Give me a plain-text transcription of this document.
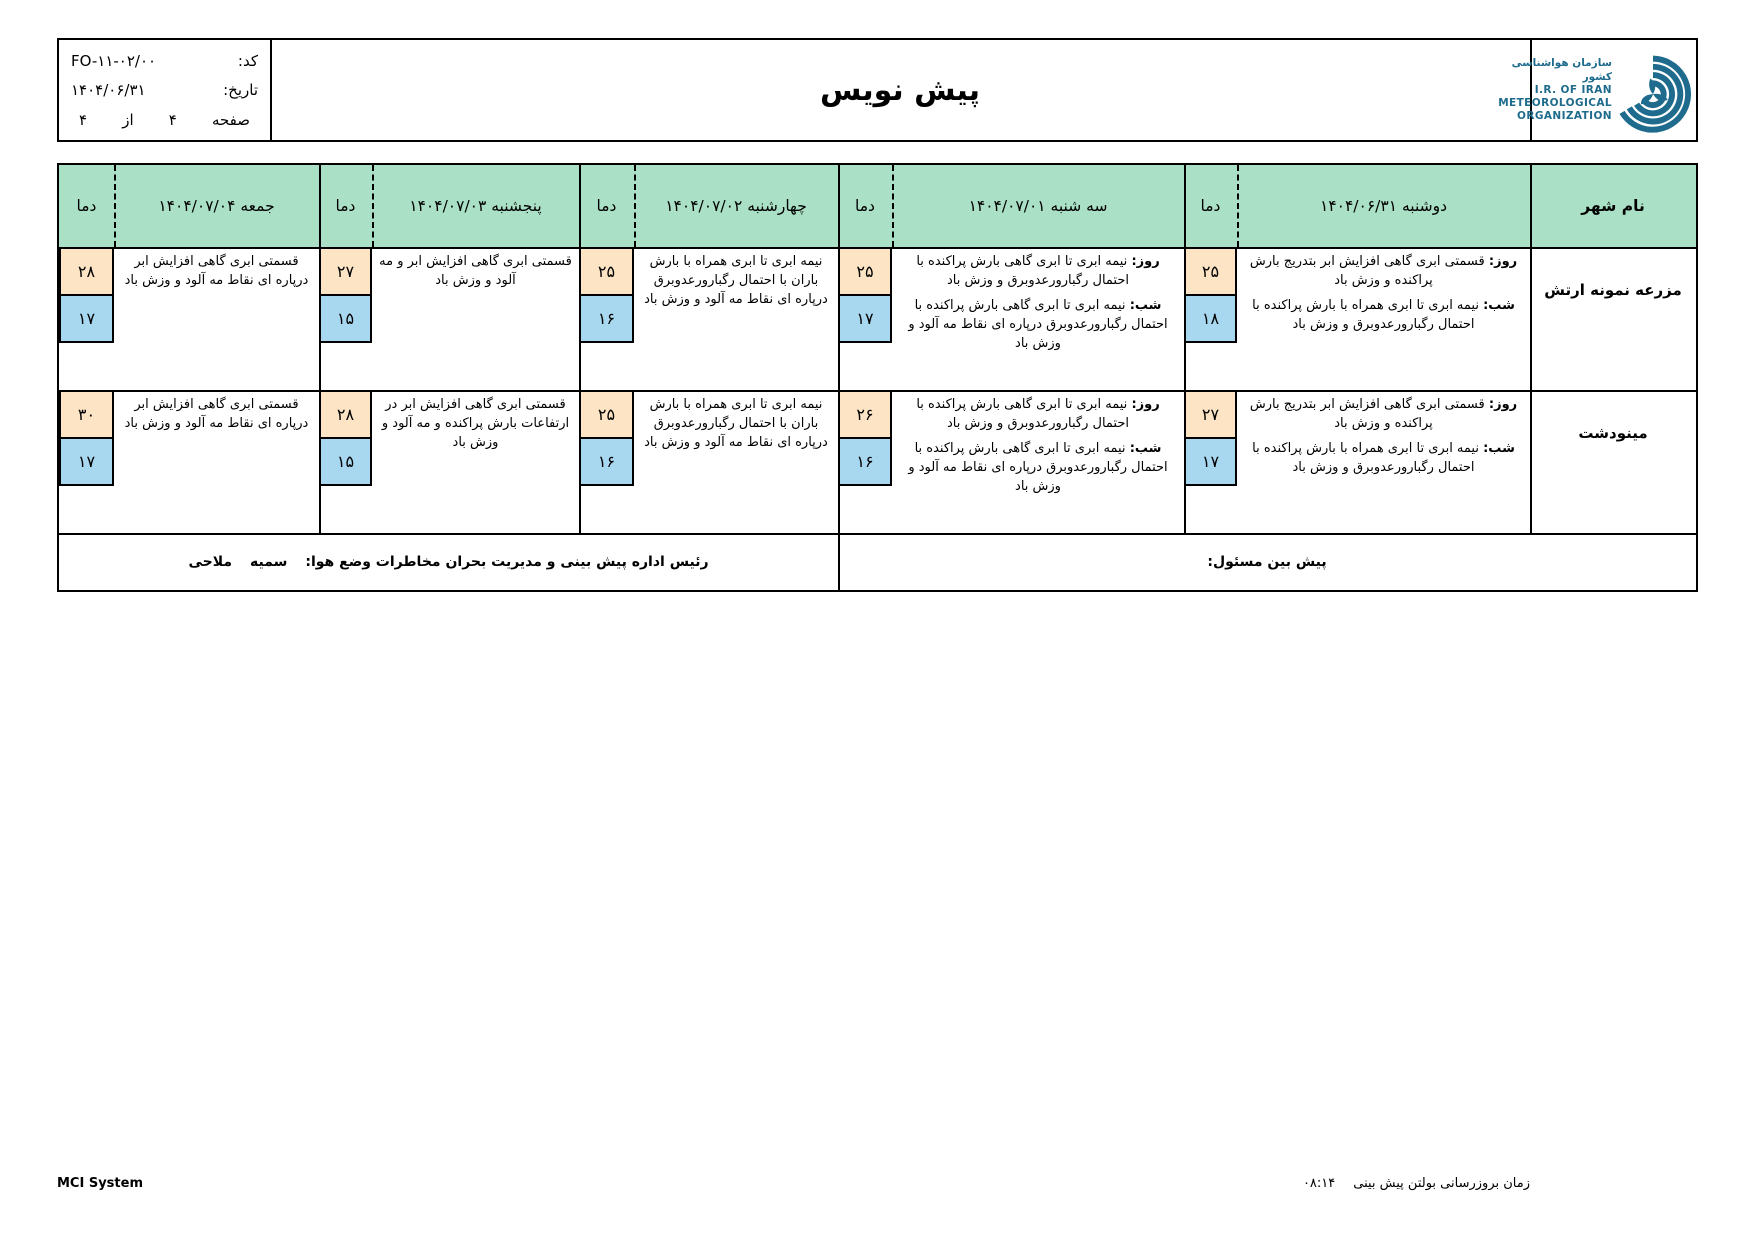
کد:
FO-۱۱-۰۲/۰۰
تاریخ:
۱۴۰۴/۰۶/۳۱
صفحه
۴
از
۴
پیش نویس
سازمان هواشناسی کشور
I.R. OF IRAN
METEOROLOGICAL
ORGANIZATION
نام شهر
دوشنبه ۱۴۰۴/۰۶/۳۱
دما
سه شنبه ۱۴۰۴/۰۷/۰۱
دما
چهارشنبه ۱۴۰۴/۰۷/۰۲
دما
پنجشنبه ۱۴۰۴/۰۷/۰۳
دما
جمعه ۱۴۰۴/۰۷/۰۴
دما
مزرعه نمونه ارتش

روز: قسمتی ابری گاهی افزایش ابر بتدریج بارش پراکنده و وزش باد

شب: نیمه ابری تا ابری همراه با بارش پراکنده با احتمال رگبارورعدوبرق و وزش باد

۲۵
۱۸

روز: نیمه ابری تا ابری گاهی بارش پراکنده با احتمال رگبارورعدوبرق و وزش باد

شب: نیمه ابری تا ابری گاهی بارش پراکنده با احتمال رگبارورعدوبرق درپاره ای نقاط مه آلود و وزش باد

۲۵
۱۷

نیمه ابری تا ابری همراه با بارش باران با احتمال رگبارورعدوبرق درپاره ای نقاط مه آلود و وزش باد

۲۵
۱۶

قسمتی ابری گاهی افزایش ابر و مه آلود و وزش باد

۲۷
۱۵

قسمتی ابری گاهی افزایش ابر درپاره ای نقاط مه آلود و وزش باد

۲۸
۱۷
مینودشت

روز: قسمتی ابری گاهی افزایش ابر بتدریج بارش پراکنده و وزش باد

شب: نیمه ابری تا ابری همراه با بارش پراکنده با احتمال رگبارورعدوبرق و وزش باد

۲۷
۱۷

روز: نیمه ابری تا ابری گاهی بارش پراکنده با احتمال رگبارورعدوبرق و وزش باد

شب: نیمه ابری تا ابری گاهی بارش پراکنده با احتمال رگبارورعدوبرق درپاره ای نقاط مه آلود و وزش باد

۲۶
۱۶

نیمه ابری تا ابری همراه با بارش باران با احتمال رگبارورعدوبرق درپاره ای نقاط مه آلود و وزش باد

۲۵
۱۶

قسمتی ابری گاهی افزایش ابر در ارتفاعات بارش پراکنده و مه آلود و وزش باد

۲۸
۱۵

قسمتی ابری گاهی افزایش ابر درپاره ای نقاط مه آلود و وزش باد

۳۰
۱۷
پیش بین مسئول:
رئیس اداره پیش بینی و مدیریت بحران مخاطرات وضع هوا:
سمیه
ملاحی
MCI System	زمان بروزرسانی بولتن پیش بینی
۰۸:۱۴
